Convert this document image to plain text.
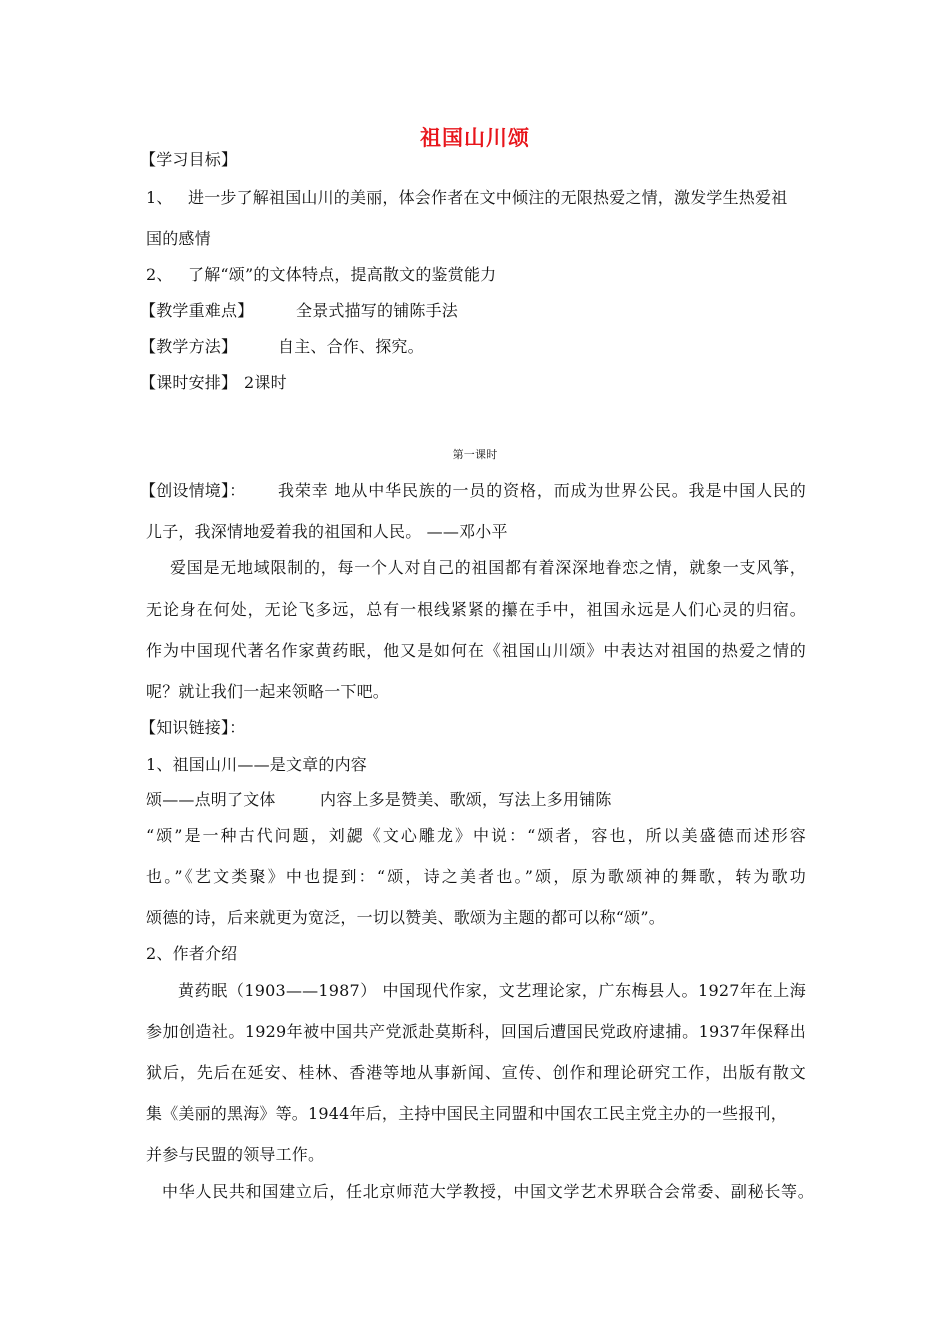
祖国山川颂
【学习目标】
1、 进一步了解祖国山川的美丽，体会作者在文中倾注的无限热爱之情，激发学生热爱祖
国的感情
2、 了解“颂”的文体特点，提高散文的鉴赏能力
【教学重难点】	全景式描写的铺陈手法
【教学方法】	自主、合作、探究。
【课时安排】 2课时
第一课时
【创设情境】： 我荣幸 地从中华民族的一员的资格，而成为世界公民。我是中国人民的
儿子，我深情地爱着我的祖国和人民。 ——邓小平
爱国是无地域限制的，每一个人对自己的祖国都有着深深地眷恋之情，就象一支风筝，
无论身在何处，无论飞多远，总有一根线紧紧的攥在手中，祖国永远是人们心灵的归宿。
作为中国现代著名作家黄药眠，他又是如何在《祖国山川颂》中表达对祖国的热爱之情的
呢？就让我们一起来领略一下吧。
【知识链接】：
1、祖国山川——是文章的内容
颂——点明了文体	内容上多是赞美、歌颂，写法上多用铺陈
“颂”是一种古代问题，刘勰《文心雕龙》中说：“颂者，容也，所以美盛德而述形容
也。”《艺文类聚》中也提到：“颂，诗之美者也。”颂，原为歌颂神的舞歌，转为歌功
颂德的诗，后来就更为宽泛，一切以赞美、歌颂为主题的都可以称“颂”。
2、作者介绍
黄药眠（1903——1987） 中国现代作家，文艺理论家，广东梅县人。1927年在上海
参加创造社。1929年被中国共产党派赴莫斯科，回国后遭国民党政府逮捕。1937年保释出
狱后，先后在延安、桂林、香港等地从事新闻、宣传、创作和理论研究工作，出版有散文
集《美丽的黑海》等。1944年后，主持中国民主同盟和中国农工民主党主办的一些报刊，
并参与民盟的领导工作。
中华人民共和国建立后，任北京师范大学教授，中国文学艺术界联合会常委、副秘长等。
